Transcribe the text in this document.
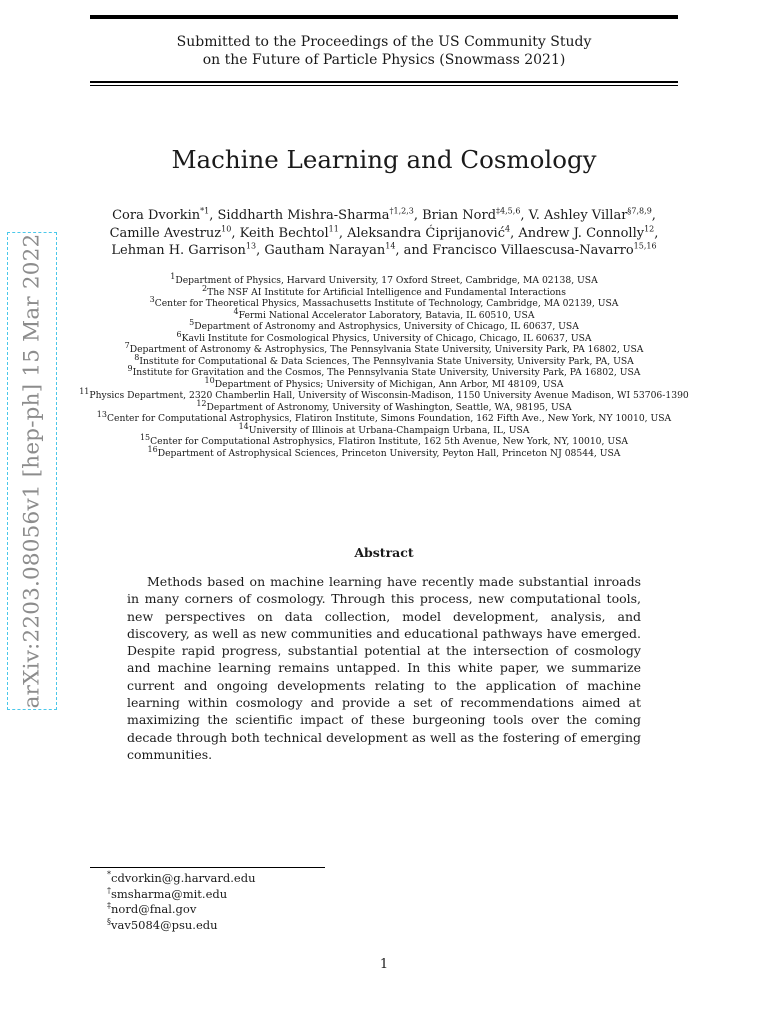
Submitted to the Proceedings of the US Community Study
on the Future of Particle Physics (Snowmass 2021)
Machine Learning and Cosmology
Cora Dvorkin$^{*1}$, Siddharth Mishra-Sharma$^{\dagger 1,2,3}$, Brian Nord$^{\ddagger 4,5,6}$, V. Ashley Villar$^{\S 7,8,9}$, Camille Avestruz$^{10}$, Keith Bechtol$^{11}$, Aleksandra Ćiprijanović$^4$, Andrew J. Connolly$^{12}$, Lehman H. Garrison$^{13}$, Gautham Narayan$^{14}$, and Francisco Villaescusa-Navarro$^{15,16}$
$^1$Department of Physics, Harvard University, 17 Oxford Street, Cambridge, MA 02138, USA
$^2$The NSF AI Institute for Artificial Intelligence and Fundamental Interactions
$^3$Center for Theoretical Physics, Massachusetts Institute of Technology, Cambridge, MA 02139, USA
$^4$Fermi National Accelerator Laboratory, Batavia, IL 60510, USA
$^5$Department of Astronomy and Astrophysics, University of Chicago, IL 60637, USA
$^6$Kavli Institute for Cosmological Physics, University of Chicago, Chicago, IL 60637, USA
$^7$Department of Astronomy & Astrophysics, The Pennsylvania State University, University Park, PA 16802, USA
$^8$Institute for Computational & Data Sciences, The Pennsylvania State University, University Park, PA, USA
$^9$Institute for Gravitation and the Cosmos, The Pennsylvania State University, University Park, PA 16802, USA
$^{10}$Department of Physics; University of Michigan, Ann Arbor, MI 48109, USA
$^{11}$Physics Department, 2320 Chamberlin Hall, University of Wisconsin-Madison, 1150 University Avenue Madison, WI 53706-1390
$^{12}$Department of Astronomy, University of Washington, Seattle, WA, 98195, USA
$^{13}$Center for Computational Astrophysics, Flatiron Institute, Simons Foundation, 162 Fifth Ave., New York, NY 10010, USA
$^{14}$University of Illinois at Urbana-Champaign Urbana, IL, USA
$^{15}$Center for Computational Astrophysics, Flatiron Institute, 162 5th Avenue, New York, NY, 10010, USA
$^{16}$Department of Astrophysical Sciences, Princeton University, Peyton Hall, Princeton NJ 08544, USA
arXiv:2203.08056v1 [hep-ph] 15 Mar 2022	Abstract

Methods based on machine learning have recently made substantial inroads in many corners of cosmology. Through this process, new computational tools, new perspectives on data collection, model development, analysis, and discovery, as well as new communities and educational pathways have emerged. Despite rapid progress, substantial potential at the intersection of cosmology and machine learning remains untapped. In this white paper, we summarize current and ongoing developments relating to the application of machine learning within cosmology and provide a set of recommendations aimed at maximizing the scientific impact of these burgeoning tools over the coming decade through both technical development as well as the fostering of emerging communities.

*cdvorkin@g.harvard.edu
†smsharma@mit.edu
‡nord@fnal.gov
§vav5084@psu.edu
1
